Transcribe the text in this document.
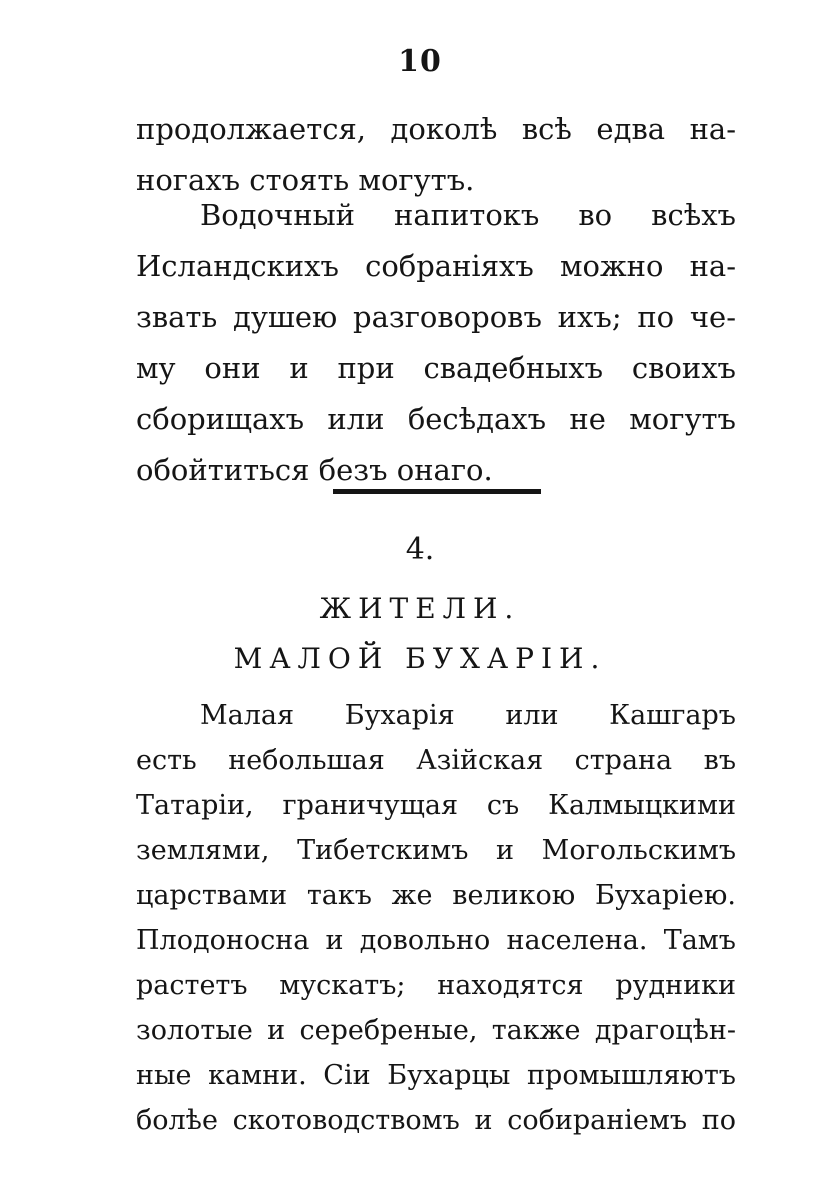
10
продолжается, доколѣ всѣ едва на-
ногахъ стоять могутъ.
Водочный напитокъ во всѣхъ
Исландскихъ собранiяхъ можно на-
звать душею разговоровъ ихъ; по че-
му они и при свадебныхъ своихъ
сборищахъ или бесѣдахъ не могутъ
обойтиться безъ онаго.
4.
ЖИТЕЛИ.
МАЛОЙ БУХАРIИ.
Малая Бухарiя или Кашгаръ
есть небольшая Азiйская страна въ
Татарiи, граничущая съ Калмыцкими
землями, Тибетскимъ и Могольскимъ
царствами такъ же великою Бухарiею.
Плодоносна и довольно населена. Тамъ
растетъ мускатъ; находятся рудники
золотые и серебреные, также драгоцѣн-
ные камни. Сiи Бухарцы промышляютъ
болѣе скотоводствомъ и собиранiемъ по
